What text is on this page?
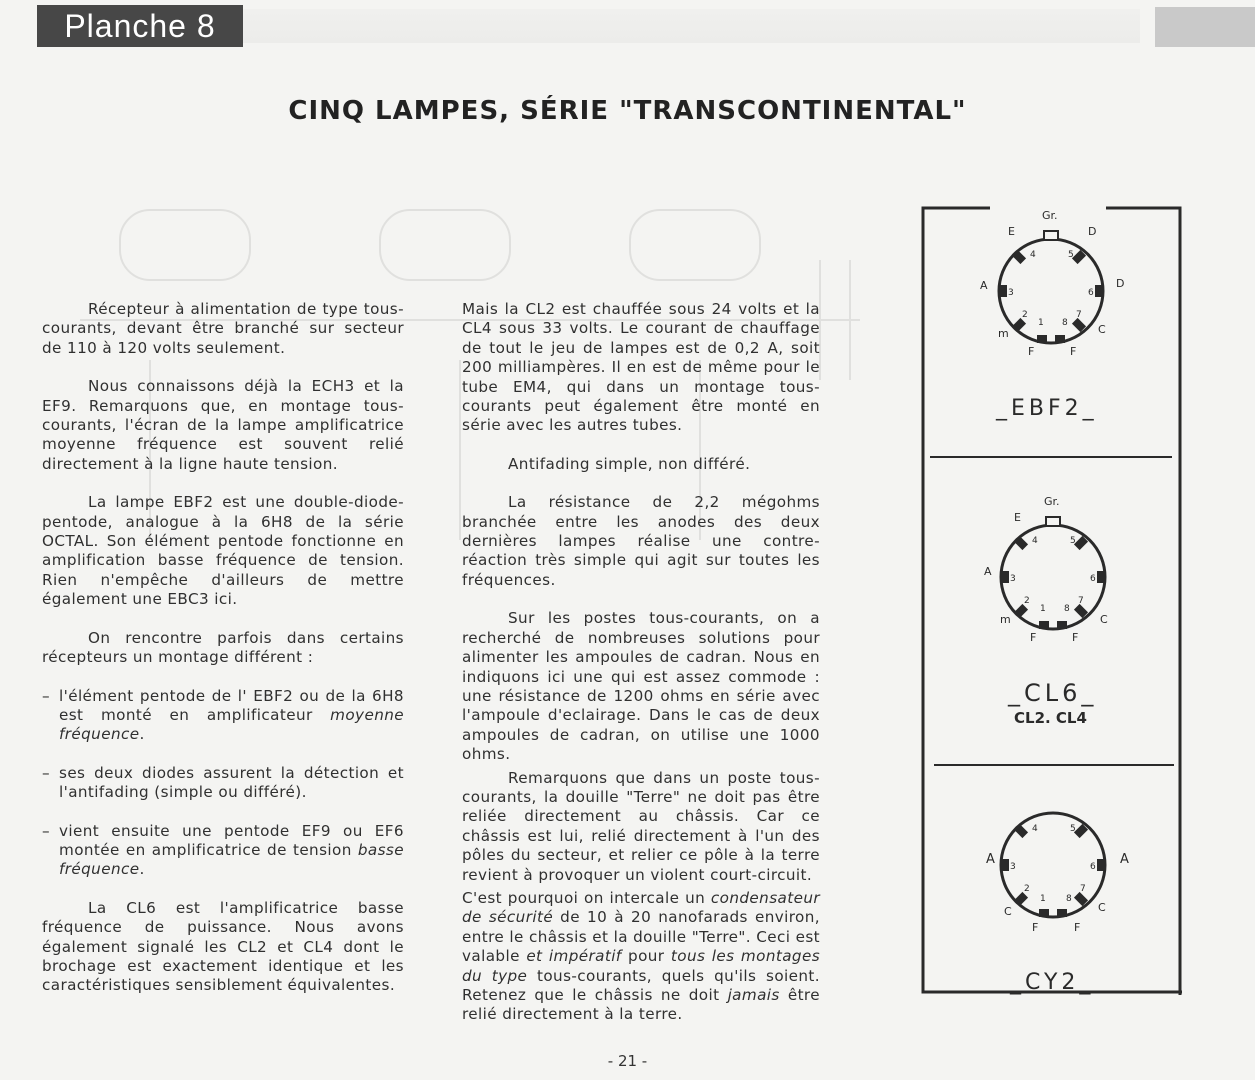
Planche 8
CINQ LAMPES, SÉRIE "TRANSCONTINENTAL"

Récepteur à alimentation de type tous-courants, devant être branché sur secteur de 110 à 120 volts seulement.

Nous connaissons déjà la ECH3 et la EF9. Remarquons que, en montage tous-courants, l'écran de la lampe amplificatrice moyenne fréquence est souvent relié directement à la ligne haute tension.

La lampe EBF2 est une double-diode-pentode, analogue à la 6H8 de la série OCTAL. Son élément pentode fonctionne en amplification basse fréquence de tension. Rien n'empêche d'ailleurs de mettre également une EBC3 ici.

On rencontre parfois dans certains récepteurs un montage différent :

– l'élément pentode de l' EBF2 ou de la 6H8 est monté en amplificateur moyenne fréquence.

– ses deux diodes assurent la détection et l'antifading (simple ou différé).

– vient ensuite une pentode EF9 ou EF6 montée en amplificatrice de tension basse fréquence.

La CL6 est l'amplificatrice basse fréquence de puissance. Nous avons également signalé les CL2 et CL4 dont le brochage est exactement identique et les caractéristiques sensiblement équivalentes.

Mais la CL2 est chauffée sous 24 volts et la CL4 sous 33 volts. Le courant de chauffage de tout le jeu de lampes est de 0,2 A, soit 200 milliampères. Il en est de même pour le tube EM4, qui dans un montage tous-courants peut également être monté en série avec les autres tubes.

Antifading simple, non différé.

La résistance de 2,2 mégohms branchée entre les anodes des deux dernières lampes réalise une contre-réaction très simple qui agit sur toutes les fréquences.

Sur les postes tous-courants, on a recherché de nombreuses solutions pour alimenter les ampoules de cadran. Nous en indiquons ici une qui est assez commode : une résistance de 1200 ohms en série avec l'ampoule d'eclairage. Dans le cas de deux ampoules de cadran, on utilise une 1000 ohms.

Remarquons que dans un poste tous-courants, la douille "Terre" ne doit pas être reliée directement au châssis. Car ce châssis est lui, relié directement à l'un des pôles du secteur, et relier ce pôle à la terre revient à provoquer un violent court-circuit.

C'est pourquoi on intercale un condensateur de sécurité de 10 à 20 nanofarads environ, entre le châssis et la douille "Terre". Ceci est valable et impératif pour tous les montages du type tous-courants, quels qu'ils soient. Retenez que le châssis ne doit jamais être relié directement à la terre.

Gr.
E	D
D
A
m	C
F	F
3
4	5
6
7
8
1
2
_EBF2_
Gr.
E
A
m	C
F	F
3
4	5
6
7
8
1
2
_CL6_
CL2. CL4
A	A
C	C
F	F
3
4	5
6
7
8
1
2
_CY2_
- 21 -
